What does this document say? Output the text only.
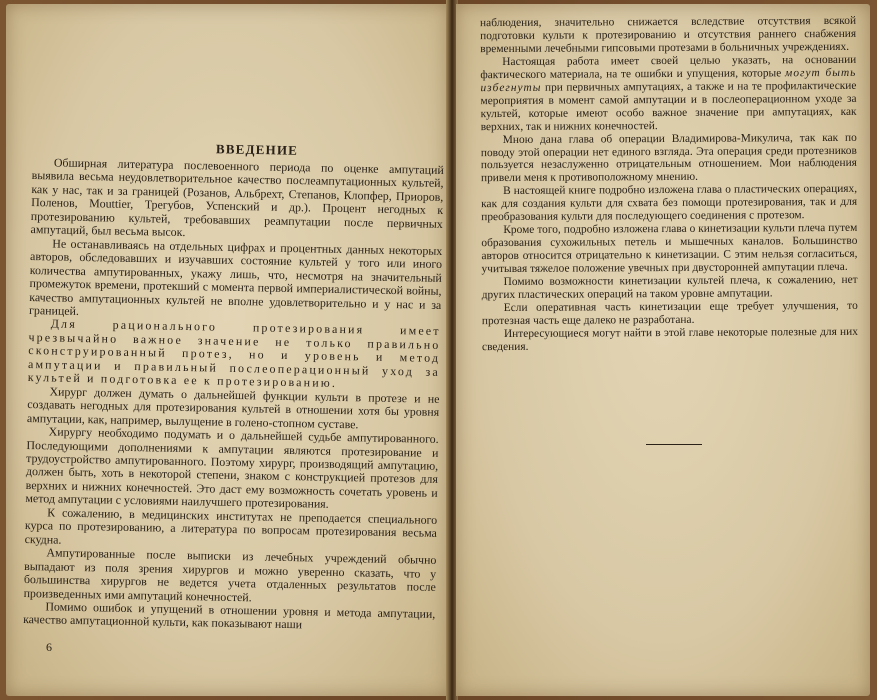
ВВЕДЕНИЕ

Обширная литература послевоенного периода по оценке ампутаций выявила весьма неудовлетворительное качество послеампутационных культей, как у нас, так и за границей (Розанов, Альбрехт, Степанов, Клопфер, Приоров, Поленов, Mouttier, Трегубов, Успенский и др.). Процент негодных к протезированию культей, требовавших реампутации после первичных ампутаций, был весьма высок.

Не останавливаясь на отдельных цифрах и процентных данных некоторых авторов, обследовавших и изучавших состояние культей у того или иного количества ампутированных, укажу лишь, что, несмотря на значительный промежуток времени, протекший с момента первой империалистической войны, качество ампутационных культей не вполне удовлетворительно и у нас и за границей.

Для рационального протезирования имеет чрезвычайно важное значение не только правильно сконструированный протез, но и уровень и метод ампутации и правильный послеоперационный уход за культей и подготовка ее к протезированию.

Хирург должен думать о дальнейшей функции культи в протезе и не создавать негодных для протезирования культей в отношении хотя бы уровня ампутации, как, например, вылущение в голено-стопном суставе.

Хирургу необходимо подумать и о дальнейшей судьбе ампутированного. Последующими дополнениями к ампутации являются протезирование и трудоустройство ампутированного. Поэтому хирург, производящий ампутацию, должен быть, хоть в некоторой степени, знаком с конструкцией протезов для верхних и нижних конечностей. Это даст ему возможность сочетать уровень и метод ампутации с условиями наилучшего протезирования.

К сожалению, в медицинских институтах не преподается специального курса по протезированию, а литература по вопросам протезирования весьма скудна.

Ампутированные после выписки из лечебных учреждений обычно выпадают из поля зрения хирургов и можно уверенно сказать, что у большинства хирургов не ведется учета отдаленных результатов после произведенных ими ампутаций конечностей.

Помимо ошибок и упущений в отношении уровня и метода ампутации, качество ампутационной культи, как показывают наши

6

наблюдения, значительно снижается вследствие отсутствия всякой подготовки культи к протезированию и отсутствия раннего снабжения временными лечебными гипсовыми протезами в больничных учреждениях.

Настоящая работа имеет своей целью указать, на основании фактического материала, на те ошибки и упущения, которые могут быть избегнуты при первичных ампутациях, а также и на те профилактические мероприятия в момент самой ампутации и в послеоперационном уходе за культей, которые имеют особо важное значение при ампутациях, как верхних, так и нижних конечностей.

Мною дана глава об операции Владимирова-Микулича, так как по поводу этой операции нет единого взгляда. Эта операция среди протезников пользуется незаслуженно отрицательным отношением. Мои наблюдения привели меня к противоположному мнению.

В настоящей книге подробно изложена глава о пластических операциях, как для создания культи для схвата без помощи протезирования, так и для преобразования культи для последующего соединения с протезом.

Кроме того, подробно изложена глава о кинетизации культи плеча путем образования сухожильных петель и мышечных каналов. Большинство авторов относится отрицательно к кинетизации. С этим нельзя согласиться, учитывая тяжелое положение увечных при двусторонней ампутации плеча.

Помимо возможности кинетизации культей плеча, к сожалению, нет других пластических операций на таком уровне ампутации.

Если оперативная часть кинетизации еще требует улучшения, то протезная часть еще далеко не разработана.

Интересующиеся могут найти в этой главе некоторые полезные для них сведения.
